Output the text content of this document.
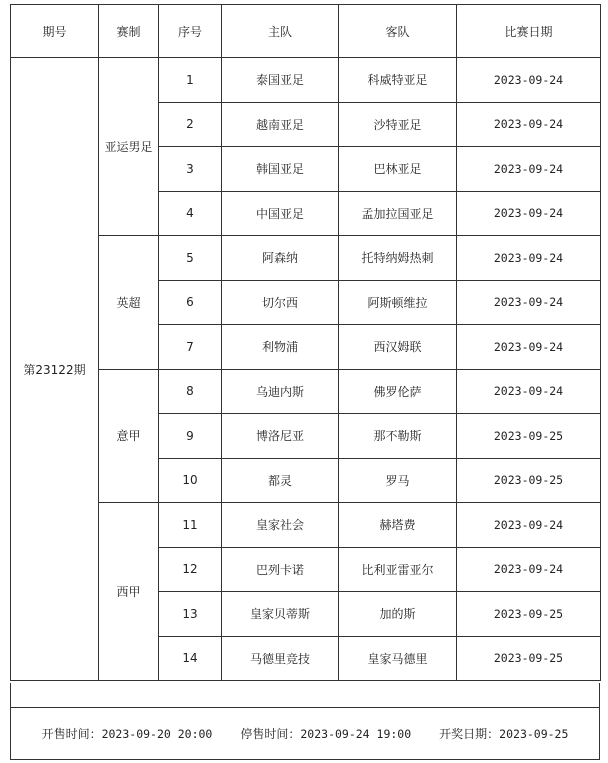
期号	赛制	序号	主队	客队	比赛日期
第23122期	亚运男足	1	泰国亚足	科威特亚足	2023-09-24
		2	越南亚足	沙特亚足	2023-09-24
		3	韩国亚足	巴林亚足	2023-09-24
		4	中国亚足	孟加拉国亚足	2023-09-24
	英超	5	阿森纳	托特纳姆热刺	2023-09-24
		6	切尔西	阿斯顿维拉	2023-09-24
		7	利物浦	西汉姆联	2023-09-24
	意甲	8	乌迪内斯	佛罗伦萨	2023-09-24
		9	博洛尼亚	那不勒斯	2023-09-25
		10	都灵	罗马	2023-09-25
	西甲	11	皇家社会	赫塔费	2023-09-24
		12	巴列卡诺	比利亚雷亚尔	2023-09-24
		13	皇家贝蒂斯	加的斯	2023-09-25
		14	马德里竞技	皇家马德里	2023-09-25
开售时间：2023-09-20 20:00 停售时间：2023-09-24 19:00 开奖日期：2023-09-25
